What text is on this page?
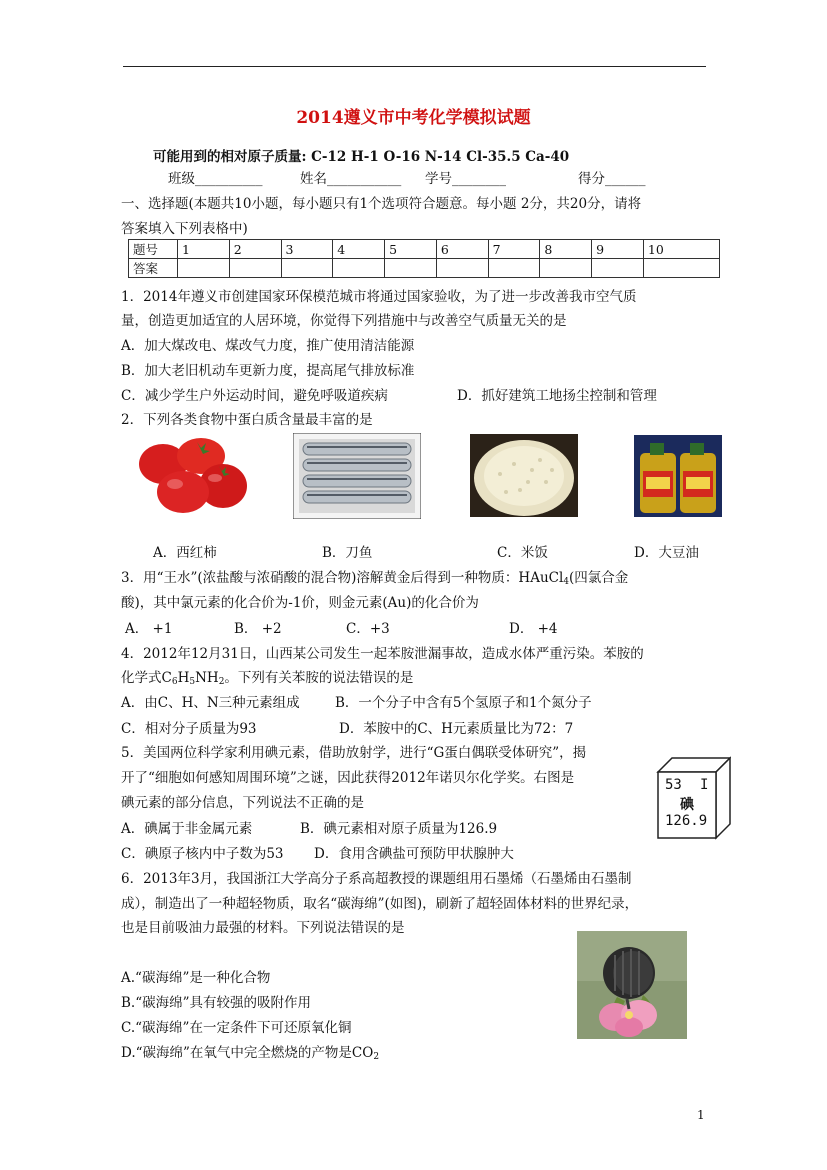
2014遵义市中考化学模拟试题
可能用到的相对原子质量: C-12 H-1 O-16 N-14 Cl-35.5 Ca-40
班级__________	姓名___________ 学号________	得分______
一、选择题(本题共10小题，每小题只有1个选项符合题意。每小题 2分，共20分，请将
答案填入下列表格中)
题号	1	2	3	4	5	6	7	8	9	10
答案										
1．2014年遵义市创建国家环保模范城市将通过国家验收，为了进一步改善我市空气质
量，创造更加适宜的人居环境，你觉得下列措施中与改善空气质量无关的是
A．加大煤改电、煤改气力度，推广使用清洁能源
B．加大老旧机动车更新力度，提高尾气排放标准
C．减少学生户外运动时间，避免呼吸道疾病	D．抓好建筑工地扬尘控制和管理
2．下列各类食物中蛋白质含量最丰富的是
A．西红柿	B．刀鱼	C．米饭	D．大豆油
3．用“王水”(浓盐酸与浓硝酸的混合物)溶解黄金后得到一种物质：HAuCl$_4$(四氯合金
酸)，其中氯元素的化合价为-1价，则金元素(Au)的化合价为
A． +1	B． +2	C．+3	D． +4
4．2012年12月31日，山西某公司发生一起苯胺泄漏事故，造成水体严重污染。苯胺的
化学式$C_6H_5NH_2$。下列有关苯胺的说法错误的是
A．由C、H、N三种元素组成	B．一个分子中含有5个氢原子和1个氮分子
C．相对分子质量为93	D．苯胺中的C、H元素质量比为72：7
5．美国两位科学家利用碘元素，借助放射学，进行“G蛋白偶联受体研究”，揭
开了“细胞如何感知周围环境”之谜，因此获得2012年诺贝尔化学奖。右图是
碘元素的部分信息，下列说法不正确的是
A．碘属于非金属元素	B．碘元素相对原子质量为126.9
C．碘原子核内中子数为53 D．食用含碘盐可预防甲状腺肿大
53 I
碘
126.9
6．2013年3月，我国浙江大学高分子系高超教授的课题组用石墨烯（石墨烯由石墨制
成），制造出了一种超轻物质，取名“碳海绵”(如图)，刷新了超轻固体材料的世界纪录，
也是目前吸油力最强的材料。下列说法错误的是
A.“碳海绵”是一种化合物
B.“碳海绵”具有较强的吸附作用
C.“碳海绵”在一定条件下可还原氧化铜
D.“碳海绵”在氧气中完全燃烧的产物是$CO_2$
1
